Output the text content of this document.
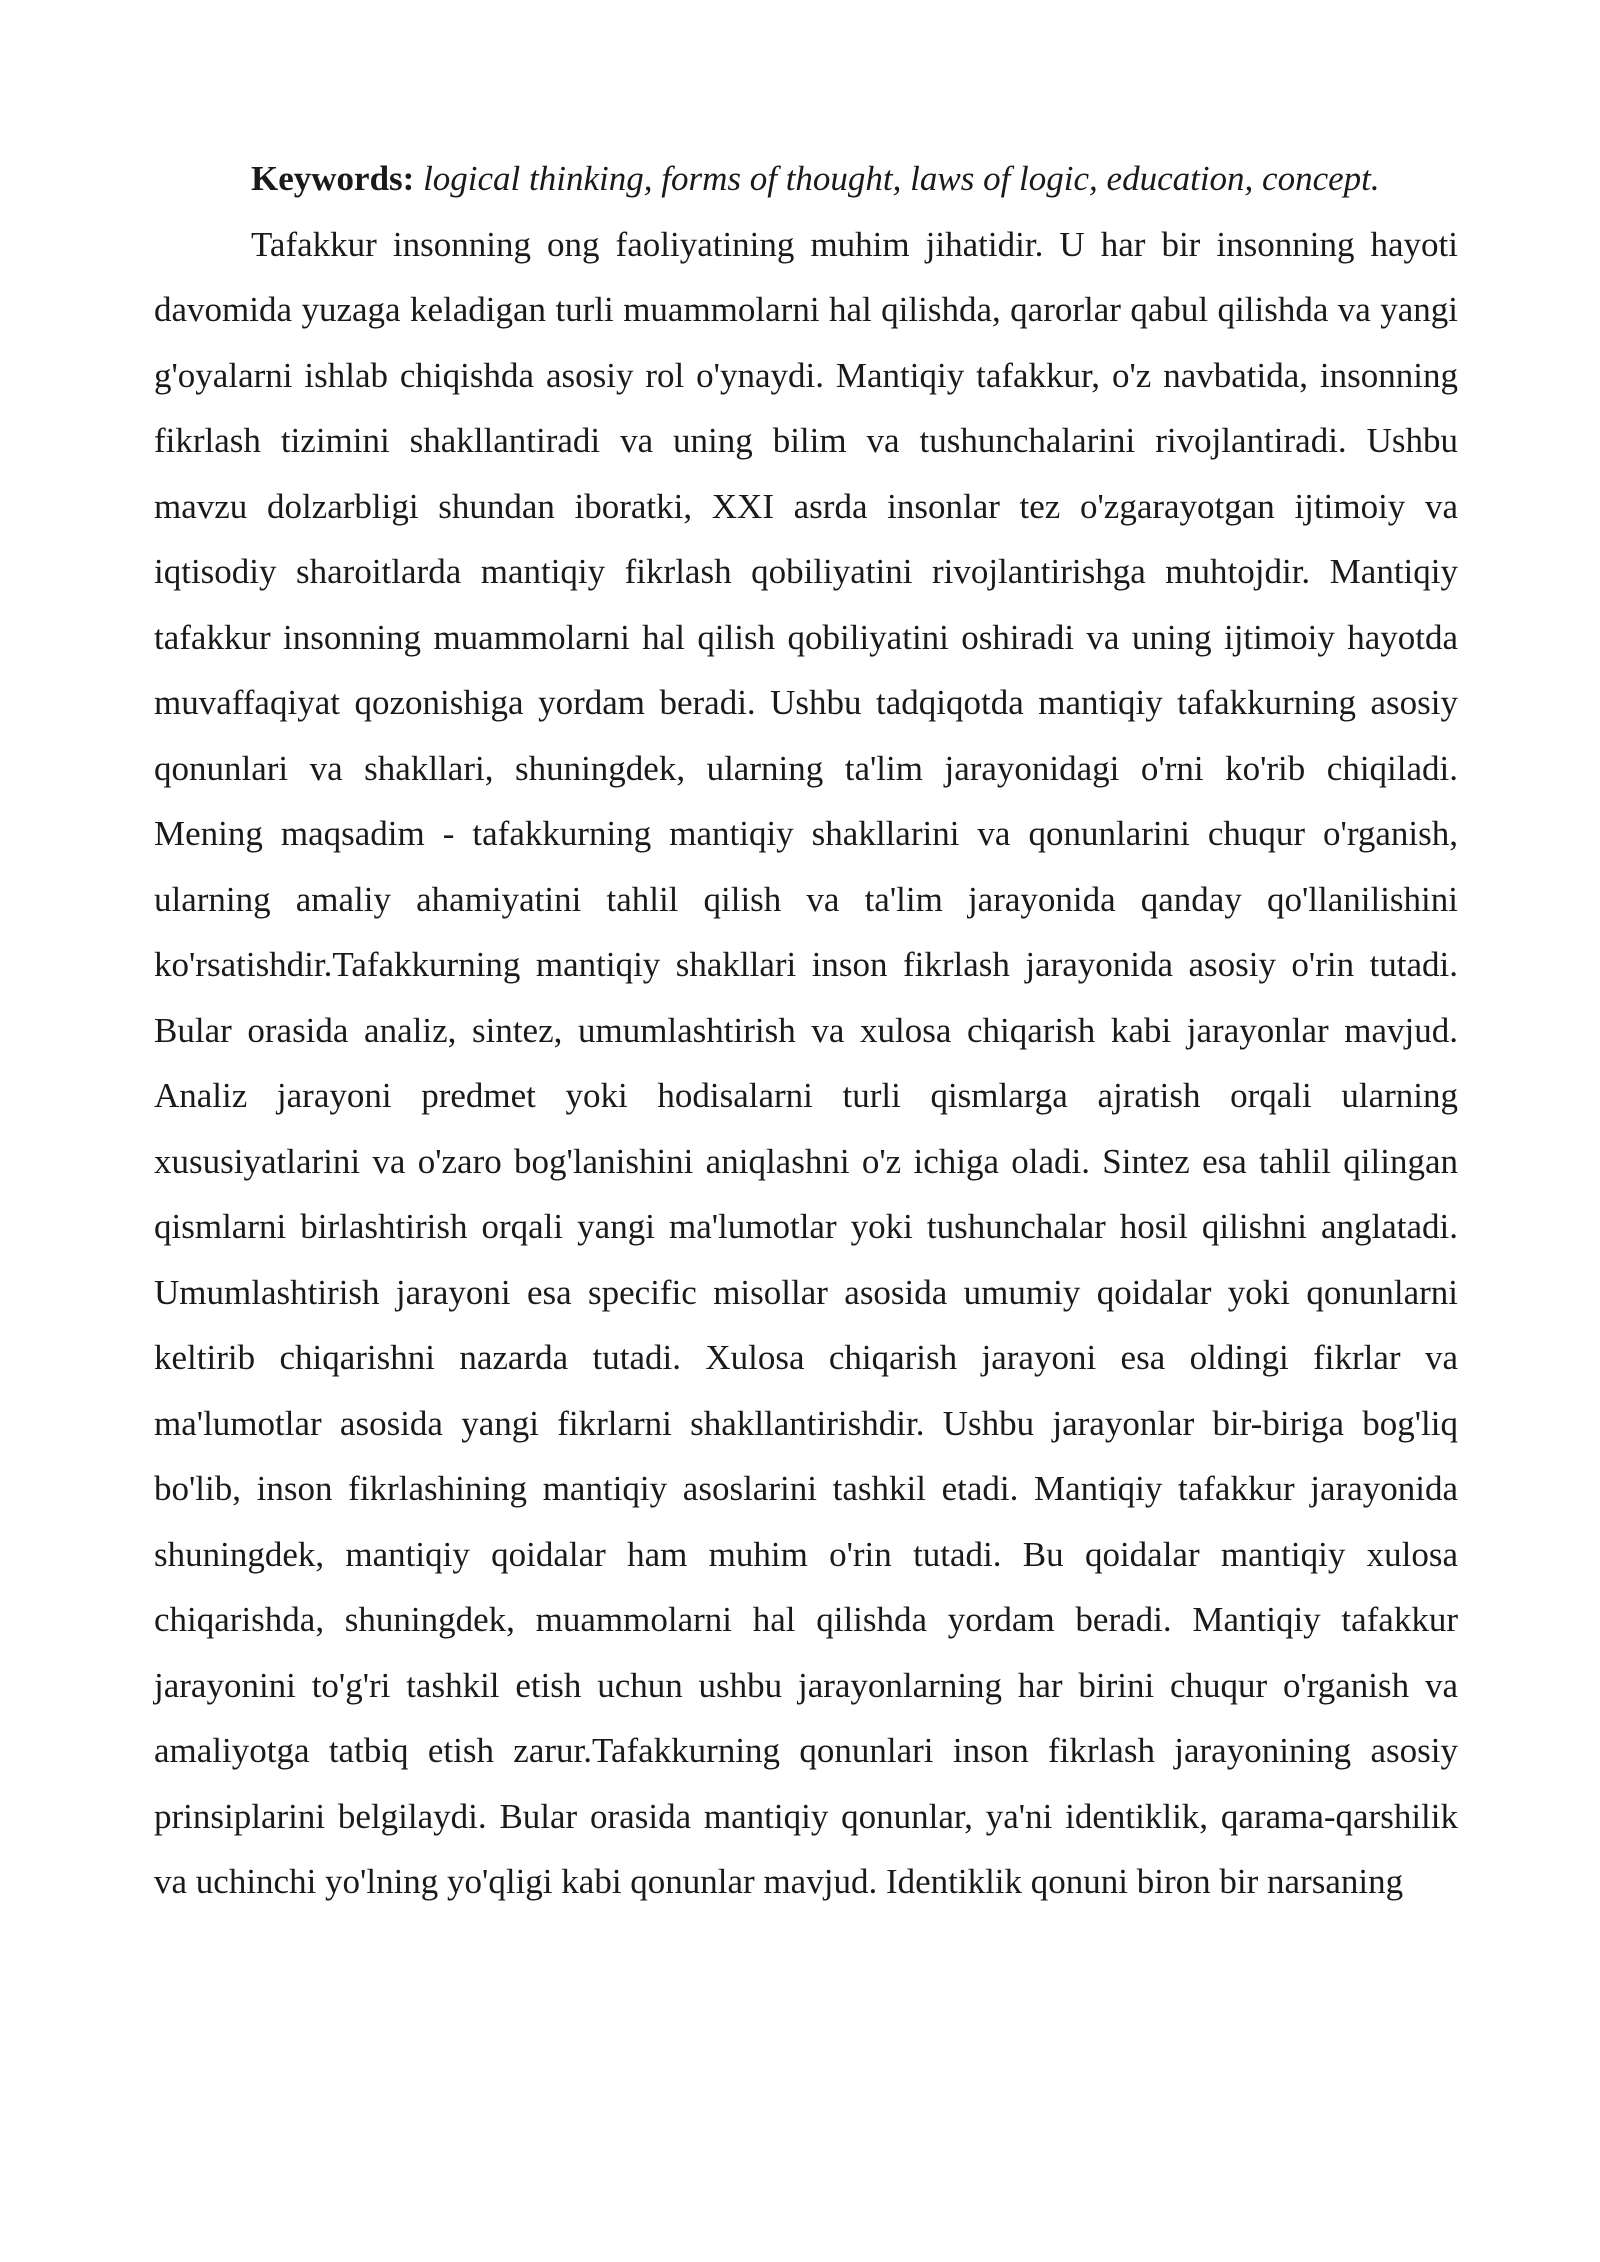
Keywords: logical thinking, forms of thought, laws of logic, education, concept.

Tafakkur insonning ong faoliyatining muhim jihatidir. U har bir insonning hayoti davomida yuzaga keladigan turli muammolarni hal qilishda, qarorlar qabul qilishda va yangi g'oyalarni ishlab chiqishda asosiy rol o'ynaydi. Mantiqiy tafakkur, o'z navbatida, insonning fikrlash tizimini shakllantiradi va uning bilim va tushunchalarini rivojlantiradi. Ushbu mavzu dolzarbligi shundan iboratki, XXI asrda insonlar tez o'zgarayotgan ijtimoiy va iqtisodiy sharoitlarda mantiqiy fikrlash qobiliyatini rivojlantirishga muhtojdir. Mantiqiy tafakkur insonning muammolarni hal qilish qobiliyatini oshiradi va uning ijtimoiy hayotda muvaffaqiyat qozonishiga yordam beradi. Ushbu tadqiqotda mantiqiy tafakkurning asosiy qonunlari va shakllari, shuningdek, ularning ta'lim jarayonidagi o'rni ko'rib chiqiladi. Mening maqsadim - tafakkurning mantiqiy shakllarini va qonunlarini chuqur o'rganish, ularning amaliy ahamiyatini tahlil qilish va ta'lim jarayonida qanday qo'llanilishini ko'rsatishdir.Tafakkurning mantiqiy shakllari inson fikrlash jarayonida asosiy o'rin tutadi. Bular orasida analiz, sintez, umumlashtirish va xulosa chiqarish kabi jarayonlar mavjud. Analiz jarayoni predmet yoki hodisalarni turli qismlarga ajratish orqali ularning xususiyatlarini va o'zaro bog'lanishini aniqlashni o'z ichiga oladi. Sintez esa tahlil qilingan qismlarni birlashtirish orqali yangi ma'lumotlar yoki tushunchalar hosil qilishni anglatadi. Umumlashtirish jarayoni esa specific misollar asosida umumiy qoidalar yoki qonunlarni keltirib chiqarishni nazarda tutadi. Xulosa chiqarish jarayoni esa oldingi fikrlar va ma'lumotlar asosida yangi fikrlarni shakllantirishdir. Ushbu jarayonlar bir-biriga bog'liq bo'lib, inson fikrlashining mantiqiy asoslarini tashkil etadi. Mantiqiy tafakkur jarayonida shuningdek, mantiqiy qoidalar ham muhim o'rin tutadi. Bu qoidalar mantiqiy xulosa chiqarishda, shuningdek, muammolarni hal qilishda yordam beradi. Mantiqiy tafakkur jarayonini to'g'ri tashkil etish uchun ushbu jarayonlarning har birini chuqur o'rganish va amaliyotga tatbiq etish zarur.Tafakkurning qonunlari inson fikrlash jarayonining asosiy prinsiplarini belgilaydi. Bular orasida mantiqiy qonunlar, ya'ni identiklik, qarama-qarshilik va uchinchi yo'lning yo'qligi kabi qonunlar mavjud. Identiklik qonuni biron bir narsaning
